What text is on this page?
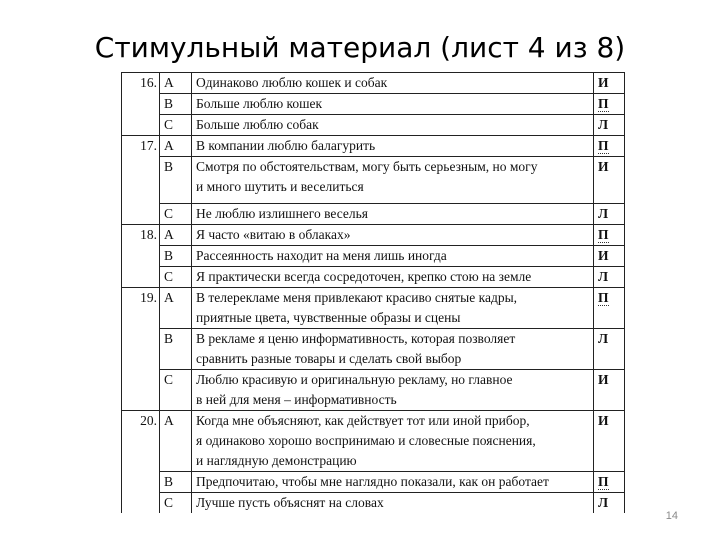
Стимульный материал (лист 4 из 8)
16.	A	Одинаково люблю кошек и собак	И
	B	Больше люблю кошек	П
	C	Больше люблю собак	Л
17.	A	В компании люблю балагурить	П
	B	Смотря по обстоятельствам, могу быть серьезным, но могу
и много шутить и веселиться	И
	C	Не люблю излишнего веселья	Л
18.	A	Я часто «витаю в облаках»	П
	B	Рассеянность находит на меня лишь иногда	И
	C	Я практически всегда сосредоточен, крепко стою на земле	Л
19.	A	В телерекламе меня привлекают красиво снятые кадры,
приятные цвета, чувственные образы и сцены	П
	B	В рекламе я ценю информативность, которая позволяет
сравнить разные товары и сделать свой выбор	Л
	C	Люблю красивую и оригинальную рекламу, но главное
в ней для меня – информативность	И
20.	A	Когда мне объясняют, как действует тот или иной прибор,
я одинаково хорошо воспринимаю и словесные пояснения,
и наглядную демонстрацию	И
	B	Предпочитаю, чтобы мне наглядно показали, как он работает	П
	C	Лучше пусть объяснят на словах	Л
14
